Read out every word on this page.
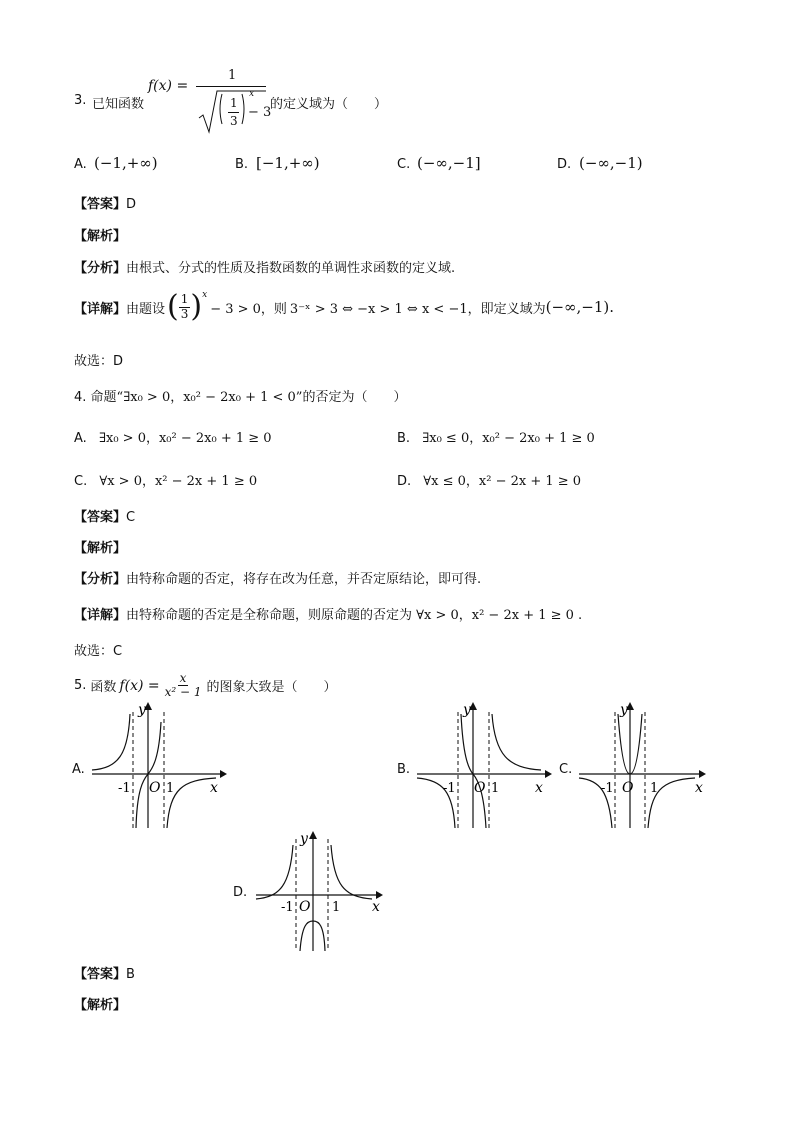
3. 已知函数
f(x) =
1
1
3
x
− 3
的定义域为（　　）
A. (−1,+∞)	B. [−1,+∞)	C. (−∞,−1]	D. (−∞,−1)
【答案】D
【解析】
【分析】由根式、分式的性质及指数函数的单调性求函数的定义域.
【详解】 由题设 ( $\frac{1}{3}$ ) x
− 3 > 0，则 3⁻ˣ > 3 ⇔ −x > 1 ⇔ x < −1，即定义域为 (−∞,−1).
故选：D
4. 命题“∃x₀ > 0，x₀² − 2x₀ + 1 < 0”的否定为（　　）
A. ∃x₀ > 0，x₀² − 2x₀ + 1 ≥ 0	B. ∃x₀ ≤ 0，x₀² − 2x₀ + 1 ≥ 0
C. ∀x > 0，x² − 2x + 1 ≥ 0	D. ∀x ≤ 0，x² − 2x + 1 ≥ 0
【答案】C
【解析】
【分析】由特称命题的否定，将存在改为任意，并否定原结论，即可得.
【详解】由特称命题的否定是全称命题，则原命题的否定为 ∀x > 0，x² − 2x + 1 ≥ 0 .
故选：C
5. 函数 $f(x) = \frac{x}{\text{x² − 1}}$ 的图象大致是（　　）
A.
x
y
O
-1	1
B.
x
y
O
-1	1
C.
x
y
O
-1	1
D.
x
y
O
-1	1
【答案】B
【解析】
